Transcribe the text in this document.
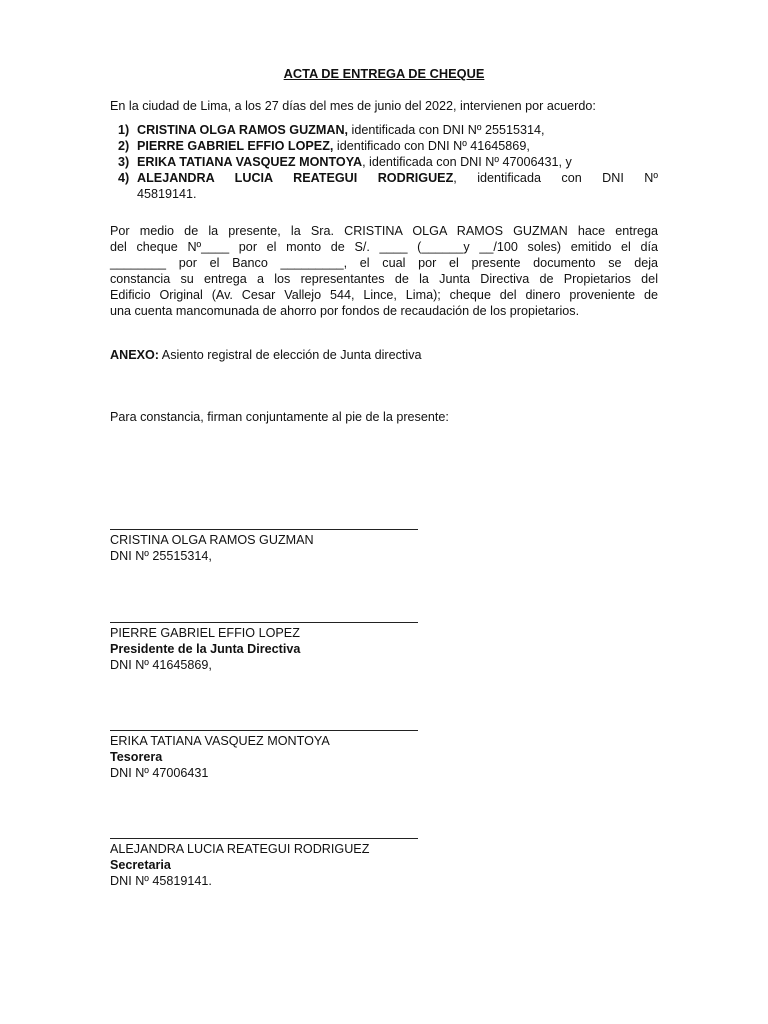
ACTA DE ENTREGA DE CHEQUE
En la ciudad de Lima, a los 27 días del mes de junio del 2022, intervienen por acuerdo:
1) CRISTINA OLGA RAMOS GUZMAN, identificada con DNI Nº 25515314,
2) PIERRE GABRIEL EFFIO LOPEZ, identificado con DNI Nº 41645869,
3) ERIKA TATIANA VASQUEZ MONTOYA, identificada con DNI Nº 47006431, y
4) ALEJANDRA LUCIA REATEGUI RODRIGUEZ, identificada con DNI Nº
45819141.

Por medio de la presente, la Sra. CRISTINA OLGA RAMOS GUZMAN hace entrega
del cheque Nº____ por el monto de S/. ____ (______y __/100 soles) emitido el día
________ por el Banco _________, el cual por el presente documento se deja
constancia su entrega a los representantes de la Junta Directiva de Propietarios del
Edificio Original (Av. Cesar Vallejo 544, Lince, Lima); cheque del dinero proveniente de
una cuenta mancomunada de ahorro por fondos de recaudación de los propietarios.

ANEXO: Asiento registral de elección de Junta directiva
Para constancia, firman conjuntamente al pie de la presente:
CRISTINA OLGA RAMOS GUZMAN
DNI Nº 25515314,
PIERRE GABRIEL EFFIO LOPEZ
Presidente de la Junta Directiva
DNI Nº 41645869,
ERIKA TATIANA VASQUEZ MONTOYA
Tesorera
DNI Nº 47006431
ALEJANDRA LUCIA REATEGUI RODRIGUEZ
Secretaria
DNI Nº 45819141.
